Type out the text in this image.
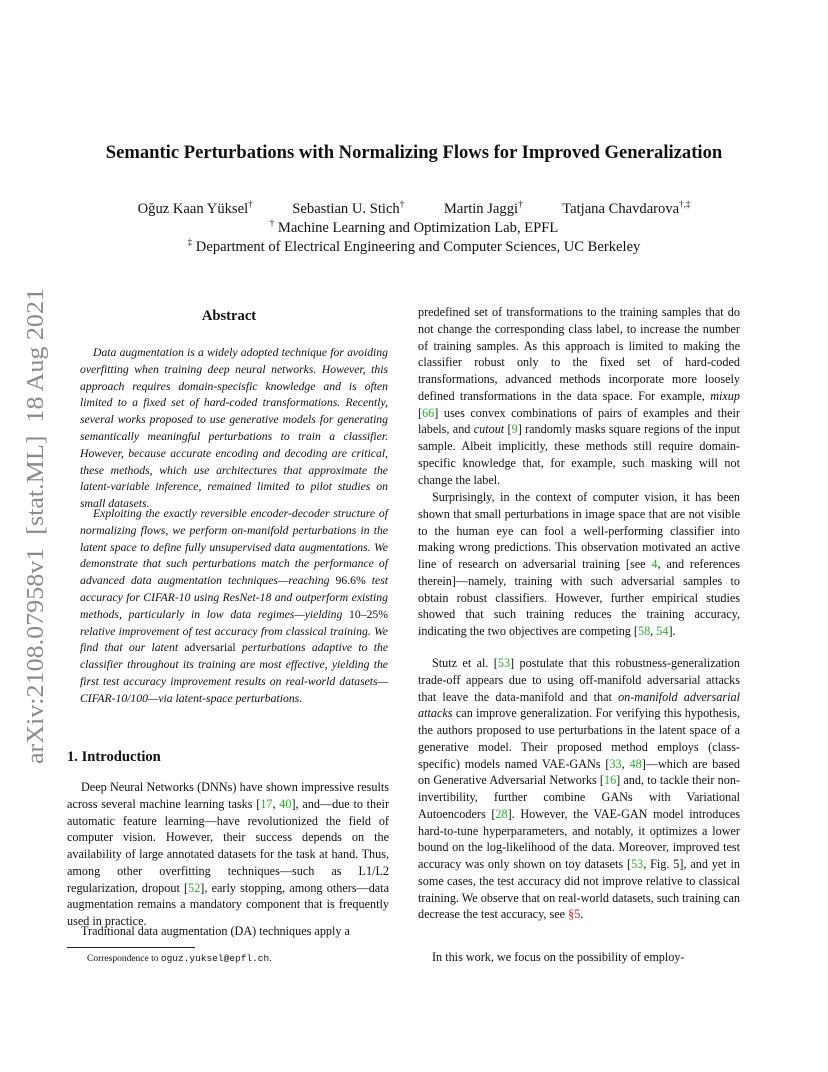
arXiv:2108.07958v1  [stat.ML]  18 Aug 2021
Semantic Perturbations with Normalizing Flows for Improved Generalization
Oğuz Kaan Yüksel†	Sebastian U. Stich†	Martin Jaggi†	Tatjana Chavdarova†,‡
† Machine Learning and Optimization Lab, EPFL
‡ Department of Electrical Engineering and Computer Sciences, UC Berkeley
Abstract

Data augmentation is a widely adopted technique for avoiding overfitting when training deep neural networks. However, this approach requires domain-specisfic knowledge and is often limited to a fixed set of hard-coded transformations. Recently, several works proposed to use generative models for generating semantically meaningful perturbations to train a classifier. However, because accurate encoding and decoding are critical, these methods, which use architectures that approximate the latent-variable inference, remained limited to pilot studies on small datasets.

Exploiting the exactly reversible encoder-decoder structure of normalizing flows, we perform on-manifold perturbations in the latent space to define fully unsupervised data augmentations. We demonstrate that such perturbations match the performance of advanced data augmentation techniques—reaching 96.6% test accuracy for CIFAR-10 using ResNet-18 and outperform existing methods, particularly in low data regimes—yielding 10–25% relative improvement of test accuracy from classical training. We find that our latent adversarial perturbations adaptive to the classifier throughout its training are most effective, yielding the first test accuracy improvement results on real-world datasets—CIFAR-10/100—via latent-space perturbations.

1. Introduction

Deep Neural Networks (DNNs) have shown impressive results across several machine learning tasks [17, 40], and—due to their automatic feature learning—have revolutionized the field of computer vision. However, their success depends on the availability of large annotated datasets for the task at hand. Thus, among other overfitting techniques—such as L1/L2 regularization, dropout [52], early stopping, among others—data augmentation remains a mandatory component that is frequently used in practice.

Traditional data augmentation (DA) techniques apply a

Correspondence to oguz.yuksel@epfl.ch.

predefined set of transformations to the training samples that do not change the corresponding class label, to increase the number of training samples. As this approach is limited to making the classifier robust only to the fixed set of hard-coded transformations, advanced methods incorporate more loosely defined transformations in the data space. For example, mixup [66] uses convex combinations of pairs of examples and their labels, and cutout [9] randomly masks square regions of the input sample. Albeit implicitly, these methods still require domain-specific knowledge that, for example, such masking will not change the label.

Surprisingly, in the context of computer vision, it has been shown that small perturbations in image space that are not visible to the human eye can fool a well-performing classifier into making wrong predictions. This observation motivated an active line of research on adversarial training [see 4, and references therein]—namely, training with such adversarial samples to obtain robust classifiers. However, further empirical studies showed that such training reduces the training accuracy, indicating the two objectives are competing [58, 54].

Stutz et al. [53] postulate that this robustness-generalization trade-off appears due to using off-manifold adversarial attacks that leave the data-manifold and that on-manifold adversarial attacks can improve generalization. For verifying this hypothesis, the authors proposed to use perturbations in the latent space of a generative model. Their proposed method employs (class-specific) models named VAE-GANs [33, 48]—which are based on Generative Adversarial Networks [16] and, to tackle their non-invertibility, further combine GANs with Variational Autoencoders [28]. However, the VAE-GAN model introduces hard-to-tune hyperparameters, and notably, it optimizes a lower bound on the log-likelihood of the data. Moreover, improved test accuracy was only shown on toy datasets [53, Fig. 5], and yet in some cases, the test accuracy did not improve relative to classical training. We observe that on real-world datasets, such training can decrease the test accuracy, see §5.

In this work, we focus on the possibility of employ-
